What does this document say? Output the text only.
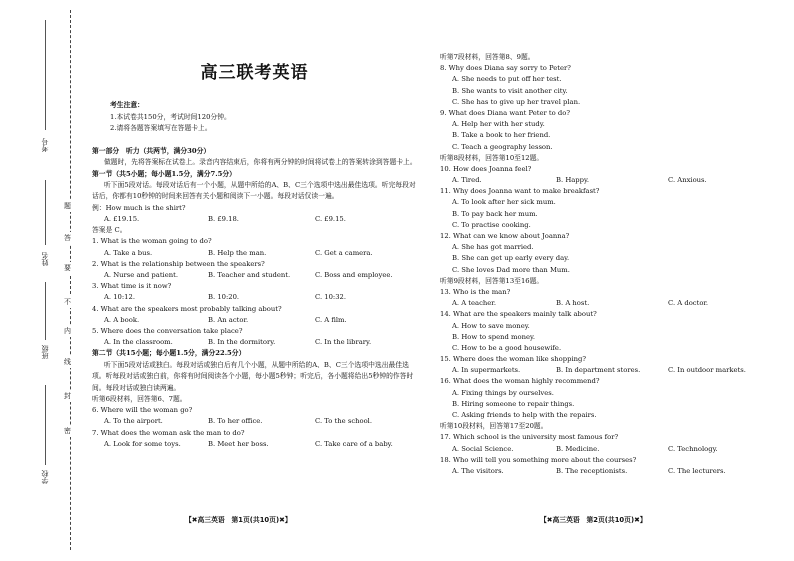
考号
姓名
班级
学校
题
答
要
不
内
线
封
密
高三联考英语
考生注意：
1.本试卷共150分，考试时间120分钟。
2.请将各题答案填写在答题卡上。
第一部分　听力（共两节，满分30分）
做题时，先将答案标在试卷上。录音内容结束后，你将有两分钟的时间将试卷上的答案转涂到答题卡上。
第一节（共5小题；每小题1.5分，满分7.5分）
听下面5段对话。每段对话后有一个小题，从题中所给的A、B、C三个选项中选出最佳选项。听完每段对话后，你都有10秒钟的时间来回答有关小题和阅读下一小题。每段对话仅读一遍。
例：How much is the shirt?
A. £19.15.	B. £9.18.	C. £9.15.
答案是 C。
1. What is the woman going to do?
A. Take a bus.	B. Help the man.	C. Get a camera.
2. What is the relationship between the speakers?
A. Nurse and patient.	B. Teacher and student.	C. Boss and employee.
3. What time is it now?
A. 10:12.	B. 10:20.	C. 10:32.
4. What are the speakers most probably talking about?
A. A book.	B. An actor.	C. A film.
5. Where does the conversation take place?
A. In the classroom.	B. In the dormitory.	C. In the library.
第二节（共15小题；每小题1.5分，满分22.5分）
听下面5段对话或独白。每段对话或独白后有几个小题，从题中所给的A、B、C三个选项中选出最佳选项。听每段对话或独白前，你将有时间阅读各个小题，每小题5秒钟；听完后，各小题将给出5秒钟的作答时间。每段对话或独白读两遍。
听第6段材料，回答第6、7题。
6. Where will the woman go?
A. To the airport.	B. To her office.	C. To the school.
7. What does the woman ask the man to do?
A. Look for some toys.	B. Meet her boss.	C. Take care of a baby.
听第7段材料，回答第8、9题。
8. Why does Diana say sorry to Peter?
A. She needs to put off her test.
B. She wants to visit another city.
C. She has to give up her travel plan.
9. What does Diana want Peter to do?
A. Help her with her study.
B. Take a book to her friend.
C. Teach a geography lesson.
听第8段材料，回答第10至12题。
10. How does Joanna feel?
A. Tired.	B. Happy.	C. Anxious.
11. Why does Joanna want to make breakfast?
A. To look after her sick mum.
B. To pay back her mum.
C. To practise cooking.
12. What can we know about Joanna?
A. She has got married.
B. She can get up early every day.
C. She loves Dad more than Mum.
听第9段材料，回答第13至16题。
13. Who is the man?
A. A teacher.	B. A host.	C. A doctor.
14. What are the speakers mainly talk about?
A. How to save money.
B. How to spend money.
C. How to be a good housewife.
15. Where does the woman like shopping?
A. In supermarkets.	B. In department stores.	C. In outdoor markets.
16. What does the woman highly recommend?
A. Fixing things by ourselves.
B. Hiring someone to repair things.
C. Asking friends to help with the repairs.
听第10段材料，回答第17至20题。
17. Which school is the university most famous for?
A. Social Science.	B. Medicine.	C. Technology.
18. Who will tell you something more about the courses?
A. The visitors.	B. The receptionists.	C. The lecturers.
【✖高三英语　第1页(共10页)✖】	【✖高三英语　第2页(共10页)✖】
